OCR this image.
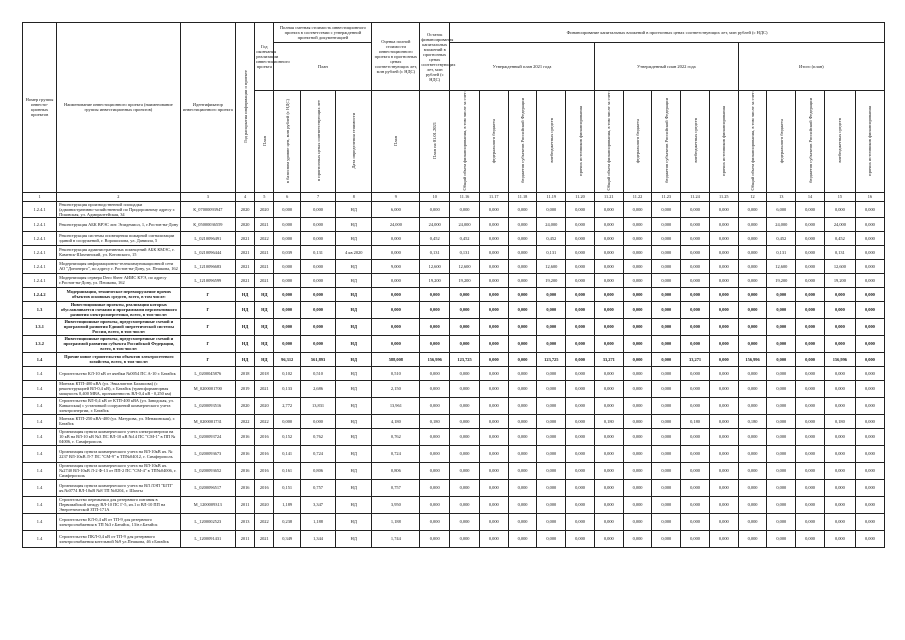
Номер группы инвести-ционных проектов	Наименование инвестиционного проекта (наименование группы инвестиционных проектов)	Идентификатор инвестиционного проекта	Год раскрытия информации о проекте	Год окончания реализации инвестиционного проекта	Полная сметная стоимость инвестиционного проекта в соответствии с утвержденной проектной документацией			Оценка полной стоимости инвестиционного проекта в прогнозных ценах соответствующих лет, млн рублей (с НДС)	Остаток финансирования капитальных вложений в прогнозных ценах соответствующих лет, млн рублей (с НДС)	Финансирование капитальных вложений в прогнозных ценах соответствующих лет, млн рублей (с НДС)														
					План					Утвержденный план 2021 года					Утвержденный план 2022 года					Итого (план)				
				План	в базисном уровне цен, млн рублей (с НДС)	в прогнозных ценах соответствующих лет	Дата определения стоимости	План	План на 01.01.2021	Общий объем финансирования, в том числе за счет:	федерального бюджета	бюджетов субъектов Российской Федерации	внебюджетных средств	прочих источников финансирования	Общий объем финансирования, в том числе за счет:	федерального бюджета	бюджетов субъектов Российской Федерации	внебюджетных средств	прочих источников финансирования	Общий объем финансирования, в том числе за счет:	федерального бюджета	бюджетов субъектов Российской Федерации	внебюджетных средств	прочих источников финансирования
1	2	3	4	5	6	7	8	9	10	11.16	11.17	11.18	11.19	11.20	11.21	11.22	11.23	11.24	11.25	12	13	14	15	16
1.2.4.1	Реконструкция производственной площадки (административно-хозяйственной по Придорожному адресу г. Псковская, ул. Адмиралтейская, 34	К_07000093947	2020	2020	0,000	0,000	НД	6,000	0,000	0,000	0,000	0,000	0,000	0,000	0,000	0,000	0,000	0,000	0,000	0,000	6,000	0,000	0,000	0,000
1.2.4.1	Реконструкция АБК ВРЭС лит. Эпидемиол, 1, г.Ростов-на-Дону	К_05000036559	2020	2021	0,000	0,000	НД	24,000	24,000	24,000	0,000	0,000	24,000	0,000	0,000	0,000	0,000	0,000	0,000	0,000	24,000	0,000	24,000	0,000
1.2.4.1	Реконструкция системы оповещения пожарной сигнализации зданий в сооружений, г. Ворошилова, ул. Даниила, 5	L_0210096491	2021	2022	0,000	0,000	НД	0,000	0,452	0,452	0,000	0,000	0,452	0,000	0,000	0,000	0,000	0,000	0,000	0,000	0,452	0,000	0,452	0,000
1.2.4.1	Реконструкция административных помещений АБК КМЭС, г. Каменск-Шахтинский, ул. Котовского, 15	L_0210096444	2021	2021	0,039	0,131	4 кв 2020	0,000	0,131	0,131	0,000	0,000	0,131	0,000	0,000	0,000	0,000	0,000	0,000	0,000	0,131	0,000	0,131	0,000
1.2.4.1	Модернизация информационно-телекоммуникационной сети АО "Донэнерго", по адресу г. Ростов-на-Дону, ул. Пешкова, 162	L_1210096683	2021	2021	0,000	0,000	НД	9,000	12,600	12,600	0,000	0,000	12,600	0,000	0,000	0,000	0,000	0,000	0,000	0,000	12,600	0,000	12,600	0,000
1.2.4.1	Модернизация сервера Dero Sheer АИИС КУЭ, по адресу г.Ростов-на-Дону, ул. Пешкова, 162	L_1210096599	2021	2021	0,000	0,000	НД	0,000	19,200	19,200	0,000	0,000	19,200	0,000	0,000	0,000	0,000	0,000	0,000	0,000	19,200	0,000	19,200	0,000
1.2.4.2	Модернизация, техническое перевооружение прочих объектов основных средств, всего, в том числе:	Г	НД	НД	0,000	0,000	НД	0,000	0,000	0,000	0,000	0,000	0,000	0,000	0,000	0,000	0,000	0,000	0,000	0,000	0,000	0,000	0,000	0,000
1.3	Инвестиционные проекты, реализация которых обуславливается схемами и программами перспективного развития электроэнергетики, всего, в том числе:	Г	НД	НД	0,000	0,000	НД	0,000	0,000	0,000	0,000	0,000	0,000	0,000	0,000	0,000	0,000	0,000	0,000	0,000	0,000	0,000	0,000	0,000
1.3.1	Инвестиционные проекты, предусмотренные схемой и программой развития Единой энергетической системы России, всего, в том числе:	Г	НД	НД	0,000	0,000	НД	0,000	0,000	0,000	0,000	0,000	0,000	0,000	0,000	0,000	0,000	0,000	0,000	0,000	0,000	0,000	0,000	0,000
1.3.2	Инвестиционные проекты, предусмотренные схемой и программой развития субъекта Российской Федерации, всего, в том числе:	Г	НД	НД	0,000	0,000	НД	0,000	0,000	0,000	0,000	0,000	0,000	0,000	0,000	0,000	0,000	0,000	0,000	0,000	0,000	0,000	0,000	0,000
1.4	Прочие новое строительство объектов электросетевого хозяйства, всего, в том числе:	Г	НД	НД	96,312	561,893	НД	588,008	156,996	123,725	0,000	0,000	123,725	0,000	33,271	0,000	0,000	33,271	0,000	156,996	0,000	0,000	156,996	0,000
1.4	Строительство КЛ-10 кВ от ячейки №0054 ПС А-10 г. Батайск	L_0200045876	2018	2018	0,102	0,510	НД	0,510	0,000	0,000	0,000	0,000	0,000	0,000	0,000	0,000	0,000	0,000	0,000	0,000	0,000	0,000	0,000	0,000
1.4	Монтаж КТП-400 кВА (ул. Эвкалиптов Балашова) (с реконструкцией ВЛ-0,4 кВ), г. Батайск (трансформаторная мощность 0,400 МВА, протяженность ВЛ-0,4 кВ - 0,250 км)	М_0200001700	2019	2021	0,133	2,686	НД	2,150	0,000	0,000	0,000	0,000	0,000	0,000	0,000	0,000	0,000	0,000	0,000	0,000	0,000	0,000	0,000	0,000
1.4	Строительство ВЛ-0,4 кВ от КТП-400 кВА (ул. Заводская, ул. Кавказская) с установкой сооружений коммерческого учета электроэнергии, г. Батайск	L_0200093516	2020	2020	2,772	13,831	НД	13,961	0,000	0,000	0,000	0,000	0,000	0,000	0,000	0,000	0,000	0,000	0,000	0,000	0,000	0,000	0,000	0,000
1.4	Монтаж КТП-250 кВА-400 (ул. Матурова, ул. Менжинская), г. Батайск	М_0200001731	2022	2022	0,000	0,000	НД	4,180	0,180	0,000	0,000	0,000	0,000	0,000	0,180	0,000	0,000	0,180	0,000	0,180	0,000	0,000	0,180	0,000
1.4	Организация пункта коммерческого учета электроэнергии на 10 кВ на ВЛ-10 кВ №3 ПС ВЛ-10 кВ №14 ПС "СМ-1" в ПП № 04006, г. Симферополь	L_0200093724	2016	2016	0,152	0,762	НД	0,762	0,000	0,000	0,000	0,000	0,000	0,000	0,000	0,000	0,000	0,000	0,000	0,000	0,000	0,000	0,000	0,000
1.4	Организация пункта коммерческого учета на ВЛ-10кВ яч. № 2237 ВЛ-10кВ Л-7 ПС "СМ-9" в ТП№04012, г. Симферополь	L_0200093673	2016	2016	0,141	0,724	НД	0,724	0,000	0,000	0,000	0,000	0,000	0,000	0,000	0,000	0,000	0,000	0,000	0,000	0,000	0,000	0,000	0,000
1.4	Организация пункта коммерческого учета на ВЛ-10кВ яч. №2740 ВЛ-10кВ Л-2 Ф-13 от ПП-2 ПС "СМ-4" в ТП№04006, г. Симферополь	L_0200093652	2016	2016	0,161	0,806	НД	0,806	0,000	0,000	0,000	0,000	0,000	0,000	0,000	0,000	0,000	0,000	0,000	0,000	0,000	0,000	0,000	0,000
1.4	Организация пункта коммерческого учета на ВЛ ЛЭП "БГП" яч.№0774 ВЛ-10кВ №8 ТП №0204, г. Шахты	L_0200096517	2016	2016	0,151	0,757	НД	0,757	0,000	0,000	0,000	0,000	0,000	0,000	0,000	0,000	0,000	0,000	0,000	0,000	0,000	0,000	0,000	0,000
1.4	Строительство перемычки для резервного питания в Первомайской между ВЛ-10 ПС Г-5, яч.1 и ВЛ-10 ПП на Энергетической ЗТП-171А	М_1200009313	2011	2020	1,189	3,347	НД	3,950	0,000	0,000	0,000	0,000	0,000	0,000	0,000	0,000	0,000	0,000	0,000	0,000	0,000	0,000	0,000	0,000
1.4	Строительство КЛ-0,4 кВ от ТП-9 для резервного электроснабжения в ТП №3 г.Батайск, 13/в г.Батайск	L_1200002523	2013	2022	0,238	1,188	НД	1,188	0,000	0,000	0,000	0,000	0,000	0,000	0,000	0,000	0,000	0,000	0,000	0,000	0,000	0,000	0,000	0,000
1.4	Строительство ПКЛ-0,4 кВ от ТП-9 для резервного электроснабжения котельной №9 ул.Пешкова, 46 г.Батайск	L_1200091431	2011	2021	0,349	1,344	НД	1,744	0,000	0,000	0,000	0,000	0,000	0,000	0,000	0,000	0,000	0,000	0,000	0,000	0,000	0,000	0,000	0,000
